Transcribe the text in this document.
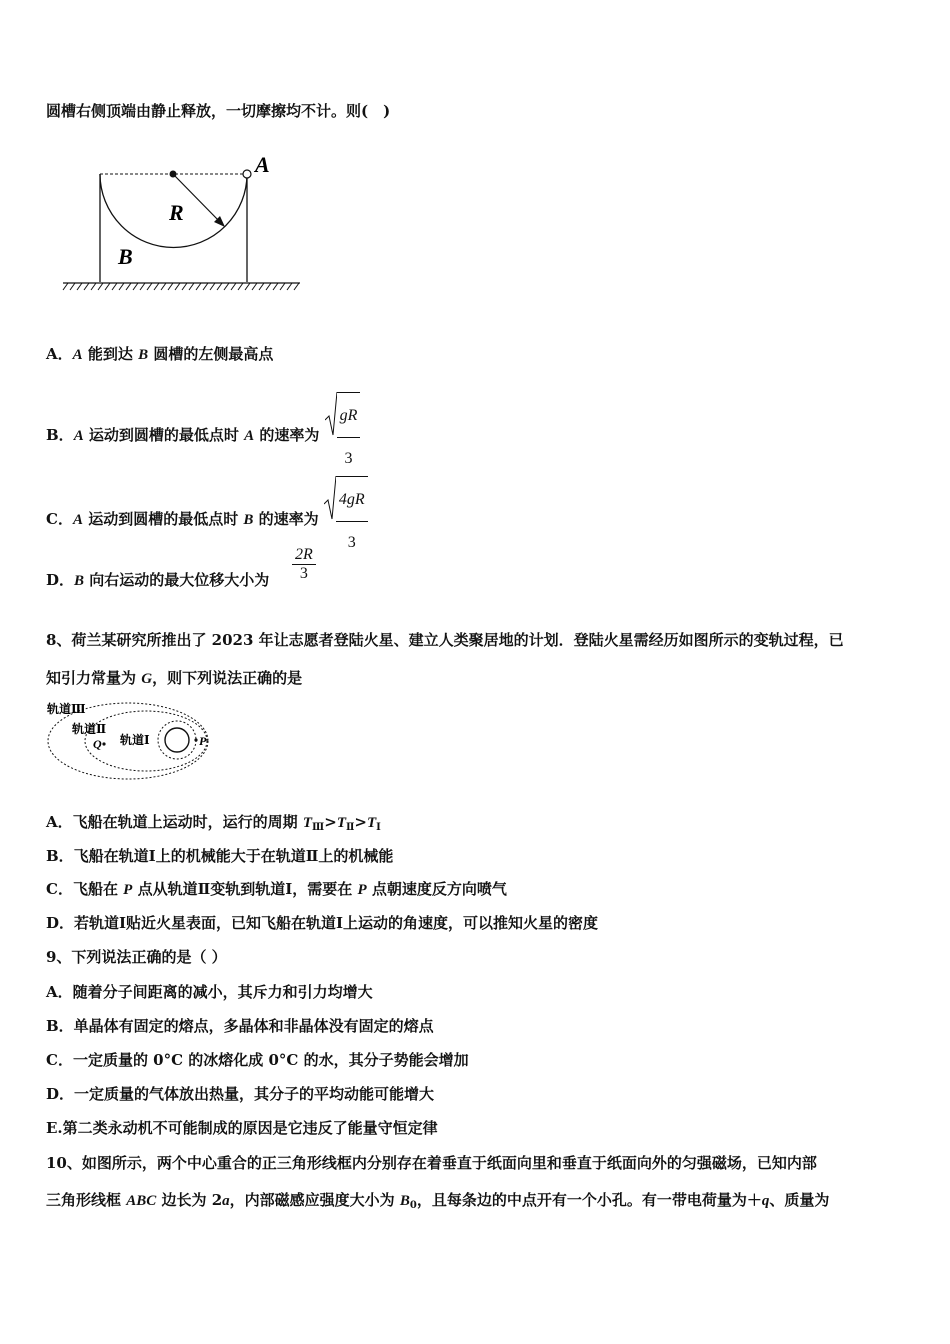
圆槽右侧顶端由静止释放，一切摩擦均不计。则(　)
A
R
B
A．A 能到达 B 圆槽的左侧最高点
B．A 运动到圆槽的最低点时 A 的速率为 $\frac{gR}{3}$
C．A 运动到圆槽的最低点时 B 的速率为 $\frac{4gR}{3}$
D．B 向右运动的最大位移大小为 $\frac{2R}{3}$
8、荷兰某研究所推出了 2023 年让志愿者登陆火星、建立人类聚居地的计划．登陆火星需经历如图所示的变轨过程，已
知引力常量为 G，则下列说法正确的是
轨道Ⅲ
轨道Ⅱ
轨道Ⅰ
Q	P
A．飞船在轨道上运动时，运行的周期 $T_Ⅲ>T_Ⅱ>T_Ⅰ$
B．飞船在轨道Ⅰ上的机械能大于在轨道Ⅱ上的机械能
C．飞船在 P 点从轨道Ⅱ变轨到轨道Ⅰ，需要在 P 点朝速度反方向喷气
D．若轨道Ⅰ贴近火星表面，已知飞船在轨道Ⅰ上运动的角速度，可以推知火星的密度
9、下列说法正确的是（ ）
A．随着分子间距离的减小，其斥力和引力均增大
B．单晶体有固定的熔点，多晶体和非晶体没有固定的熔点
C．一定质量的 0°C 的冰熔化成 0°C 的水，其分子势能会增加
D．一定质量的气体放出热量，其分子的平均动能可能增大
E.第二类永动机不可能制成的原因是它违反了能量守恒定律
10、如图所示，两个中心重合的正三角形线框内分别存在着垂直于纸面向里和垂直于纸面向外的匀强磁场，已知内部
三角形线框 ABC 边长为 2a，内部磁感应强度大小为 $B_0$，且每条边的中点开有一个小孔。有一带电荷量为＋q、质量为
